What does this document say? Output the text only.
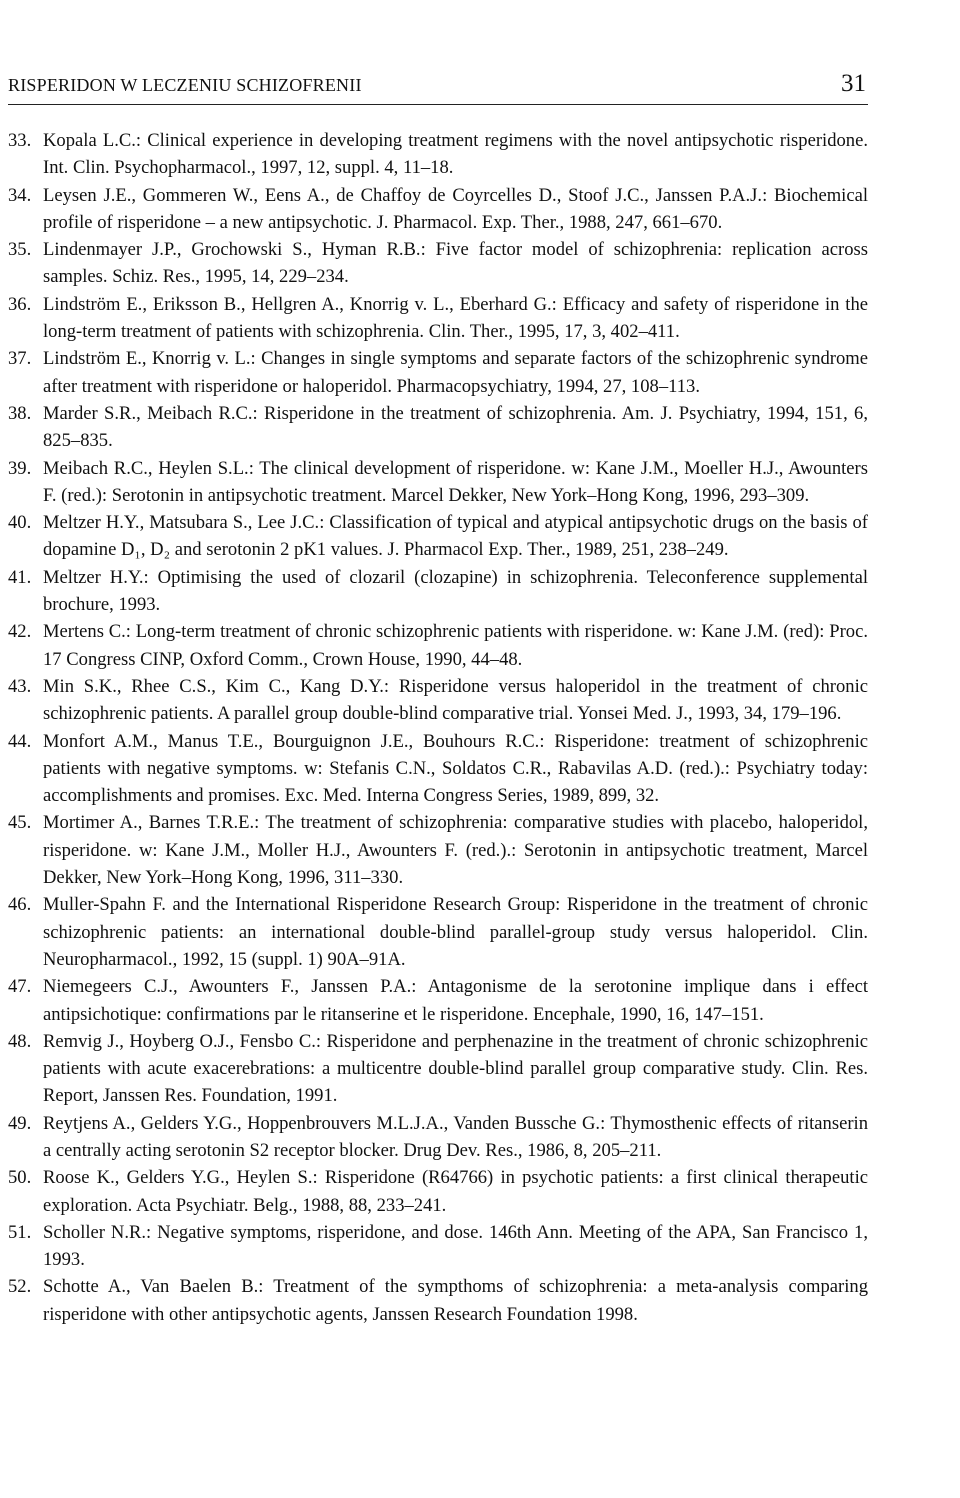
RISPERIDON W LECZENIU SCHIZOFRENII	31
33. Kopala L.C.: Clinical experience in developing treatment regimens with the novel antipsychotic risperidone. Int. Clin. Psychopharmacol., 1997, 12, suppl. 4, 11–18.
34. Leysen J.E., Gommeren W., Eens A., de Chaffoy de Coyrcelles D., Stoof J.C., Janssen P.A.J.: Biochemical profile of risperidone – a new antipsychotic. J. Pharmacol. Exp. Ther., 1988, 247, 661–670.
35. Lindenmayer J.P., Grochowski S., Hyman R.B.: Five factor model of schizophrenia: replication across samples. Schiz. Res., 1995, 14, 229–234.
36. Lindström E., Eriksson B., Hellgren A., Knorrig v. L., Eberhard G.: Efficacy and safety of risperidone in the long-term treatment of patients with schizophrenia. Clin. Ther., 1995, 17, 3, 402–411.
37. Lindström E., Knorrig v. L.: Changes in single symptoms and separate factors of the schizophrenic syndrome after treatment with risperidone or haloperidol. Pharmacopsychiatry, 1994, 27, 108–113.
38. Marder S.R., Meibach R.C.: Risperidone in the treatment of schizophrenia. Am. J. Psychiatry, 1994, 151, 6, 825–835.
39. Meibach R.C., Heylen S.L.: The clinical development of risperidone. w: Kane J.M., Moeller H.J., Awounters F. (red.): Serotonin in antipsychotic treatment. Marcel Dekker, New York–Hong Kong, 1996, 293–309.
40. Meltzer H.Y., Matsubara S., Lee J.C.: Classification of typical and atypical antipsychotic drugs on the basis of dopamine D₁, D₂ and serotonin 2 pK1 values. J. Pharmacol Exp. Ther., 1989, 251, 238–249.
41. Meltzer H.Y.: Optimising the used of clozaril (clozapine) in schizophrenia. Teleconference supplemental brochure, 1993.
42. Mertens C.: Long-term treatment of chronic schizophrenic patients with risperidone. w: Kane J.M. (red): Proc. 17 Congress CINP, Oxford Comm., Crown House, 1990, 44–48.
43. Min S.K., Rhee C.S., Kim C., Kang D.Y.: Risperidone versus haloperidol in the treatment of chronic schizophrenic patients. A parallel group double-blind comparative trial. Yonsei Med. J., 1993, 34, 179–196.
44. Monfort A.M., Manus T.E., Bourguignon J.E., Bouhours R.C.: Risperidone: treatment of schizophrenic patients with negative symptoms. w: Stefanis C.N., Soldatos C.R., Rabavilas A.D. (red.).: Psychiatry today: accomplishments and promises. Exc. Med. Interna Congress Series, 1989, 899, 32.
45. Mortimer A., Barnes T.R.E.: The treatment of schizophrenia: comparative studies with placebo, haloperidol, risperidone. w: Kane J.M., Moller H.J., Awounters F. (red.).: Serotonin in antipsychotic treatment, Marcel Dekker, New York–Hong Kong, 1996, 311–330.
46. Muller-Spahn F. and the International Risperidone Research Group: Risperidone in the treatment of chronic schizophrenic patients: an international double-blind parallel-group study versus haloperidol. Clin. Neuropharmacol., 1992, 15 (suppl. 1) 90A–91A.
47. Niemegeers C.J., Awounters F., Janssen P.A.: Antagonisme de la serotonine implique dans i effect antipsichotique: confirmations par le ritanserine et le risperidone. Encephale, 1990, 16, 147–151.
48. Remvig J., Hoyberg O.J., Fensbo C.: Risperidone and perphenazine in the treatment of chronic schizophrenic patients with acute exacerebrations: a multicentre double-blind parallel group comparative study. Clin. Res. Report, Janssen Res. Foundation, 1991.
49. Reytjens A., Gelders Y.G., Hoppenbrouvers M.L.J.A., Vanden Bussche G.: Thymosthenic effects of ritanserin a centrally acting serotonin S2 receptor blocker. Drug Dev. Res., 1986, 8, 205–211.
50. Roose K., Gelders Y.G., Heylen S.: Risperidone (R64766) in psychotic patients: a first clinical therapeutic exploration. Acta Psychiatr. Belg., 1988, 88, 233–241.
51. Scholler N.R.: Negative symptoms, risperidone, and dose. 146th Ann. Meeting of the APA, San Francisco 1, 1993.
52. Schotte A., Van Baelen B.: Treatment of the sympthoms of schizophrenia: a meta-analysis comparing risperidone with other antipsychotic agents, Janssen Research Foundation 1998.
